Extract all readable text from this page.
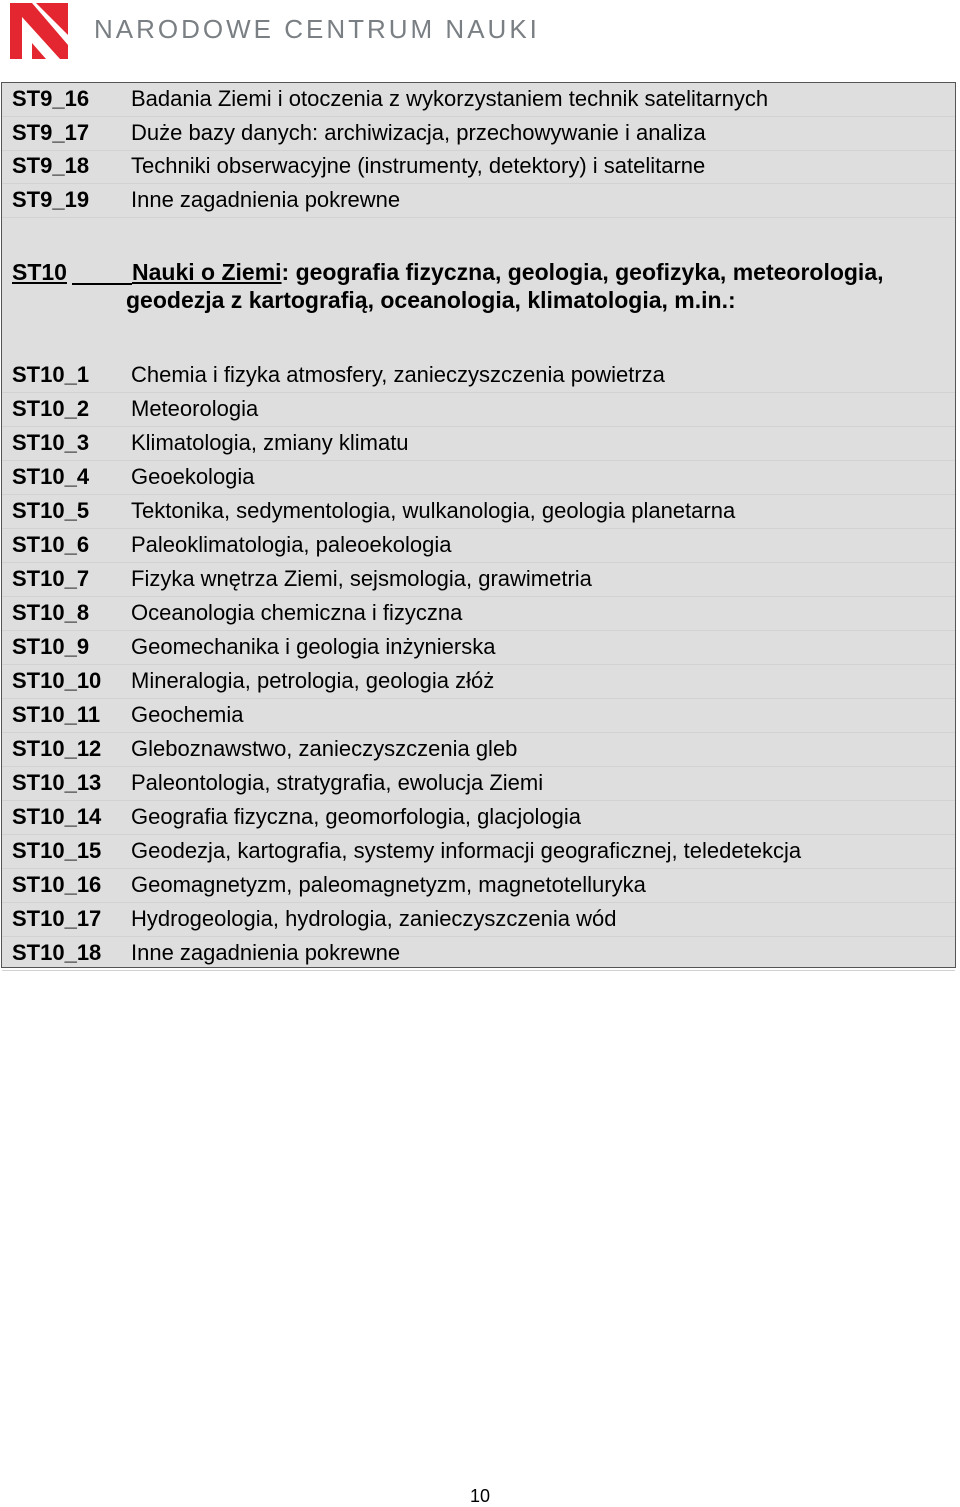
NARODOWE CENTRUM NAUKI
ST9_16 Badania Ziemi i otoczenia z wykorzystaniem technik satelitarnych
ST9_17 Duże bazy danych: archiwizacja, przechowywanie i analiza
ST9_18 Techniki obserwacyjne (instrumenty, detektory) i satelitarne
ST9_19 Inne zagadnienia pokrewne
ST10	Nauki o Ziemi: geografia fizyczna, geologia, geofizyka, meteorologia,
geodezja z kartografią, oceanologia, klimatologia, m.in.:
ST10_1 Chemia i fizyka atmosfery, zanieczyszczenia powietrza
ST10_2 Meteorologia
ST10_3 Klimatologia, zmiany klimatu
ST10_4 Geoekologia
ST10_5 Tektonika, sedymentologia, wulkanologia, geologia planetarna
ST10_6 Paleoklimatologia, paleoekologia
ST10_7 Fizyka wnętrza Ziemi, sejsmologia, grawimetria
ST10_8 Oceanologia chemiczna i fizyczna
ST10_9 Geomechanika i geologia inżynierska
ST10_10 Mineralogia, petrologia, geologia złóż
ST10_11 Geochemia
ST10_12 Gleboznawstwo, zanieczyszczenia gleb
ST10_13 Paleontologia, stratygrafia, ewolucja Ziemi
ST10_14 Geografia fizyczna, geomorfologia, glacjologia
ST10_15 Geodezja, kartografia, systemy informacji geograficznej, teledetekcja
ST10_16 Geomagnetyzm, paleomagnetyzm, magnetotelluryka
ST10_17 Hydrogeologia, hydrologia, zanieczyszczenia wód
ST10_18 Inne zagadnienia pokrewne
10
